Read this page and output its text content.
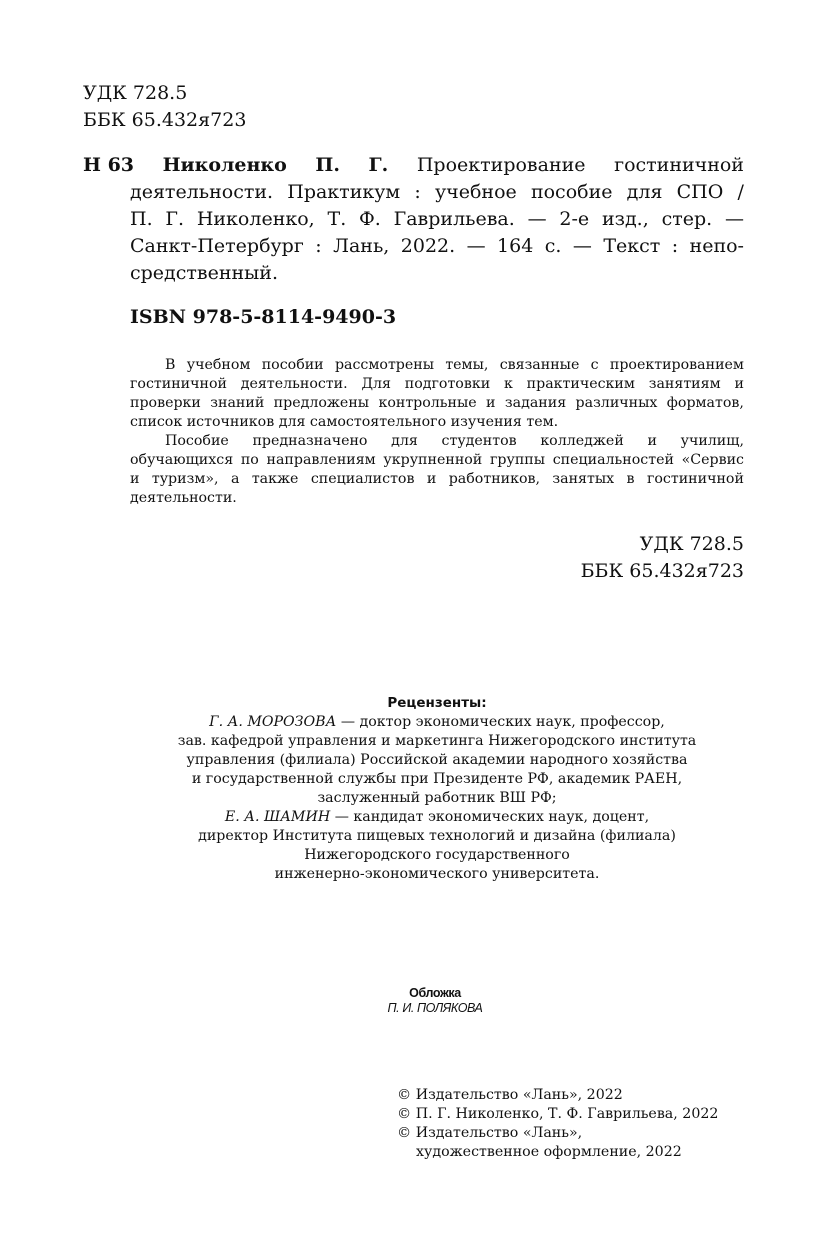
УДК 728.5
ББК 65.432я723
Н 63 Николенко П. Г. Проектирование гостиничной
деятельности. Практикум : учебное пособие для СПО /
П. Г. Николенко, Т. Ф. Гаврильева. — 2-е изд., стер. —
Санкт-Петербург : Лань, 2022. — 164 с. — Текст : непо-
средственный.
ISBN 978-5-8114-9490-3
В учебном пособии рассмотрены темы, связанные с проектированием
гостиничной деятельности. Для подготовки к практическим занятиям и
проверки знаний предложены контрольные и задания различных форматов,
список источников для самостоятельного изучения тем.
Пособие предназначено для студентов колледжей и училищ,
обучающихся по направлениям укрупненной группы специальностей «Сервис
и туризм», а также специалистов и работников, занятых в гостиничной
деятельности.
УДК 728.5
ББК 65.432я723
Рецензенты:
Г. А. МОРОЗОВА — доктор экономических наук, профессор,
зав. кафедрой управления и маркетинга Нижегородского института
управления (филиала) Российской академии народного хозяйства
и государственной службы при Президенте РФ, академик РАЕН,
заслуженный работник ВШ РФ;
Е. А. ШАМИН — кандидат экономических наук, доцент,
директор Института пищевых технологий и дизайна (филиала)
Нижегородского государственного
инженерно-экономического университета.
Обложка
П. И. ПОЛЯКОВА
© Издательство «Лань», 2022
© П. Г. Николенко, Т. Ф. Гаврильева, 2022
© Издательство «Лань»,
художественное оформление, 2022
